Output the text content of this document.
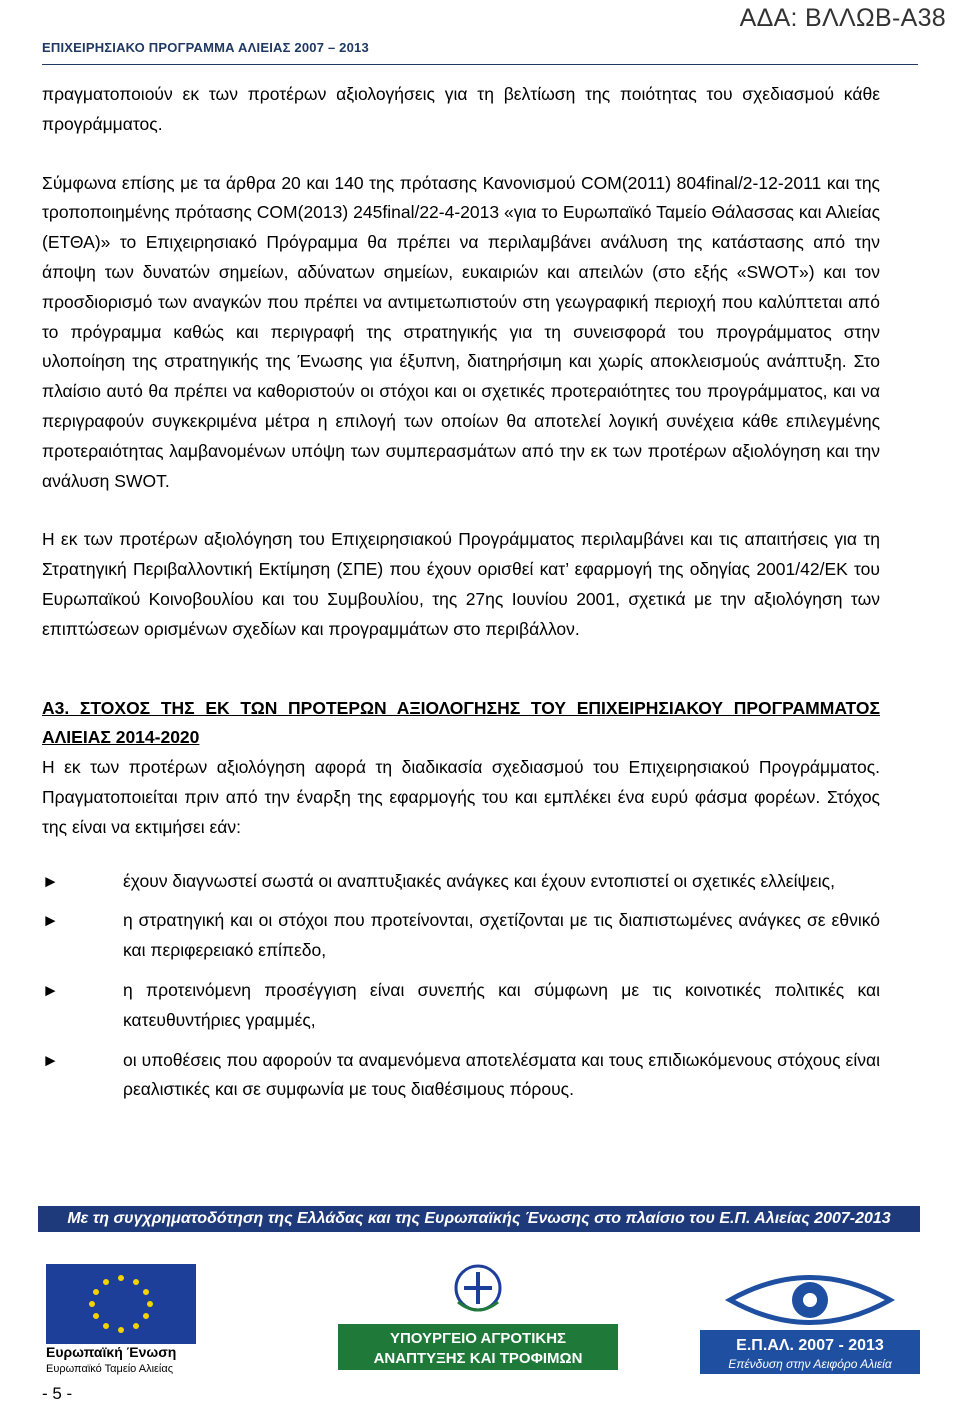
ΑΔΑ: ΒΛΛΩΒ-Α38
ΕΠΙΧΕΙΡΗΣΙΑΚΟ ΠΡΟΓΡΑΜΜΑ ΑΛΙΕΙΑΣ 2007 – 2013

πραγματοποιούν εκ των προτέρων αξιολογήσεις για τη βελτίωση της ποιότητας του σχεδιασμού κάθε προγράμματος.

Σύμφωνα επίσης με τα άρθρα 20 και 140 της πρότασης Κανονισμού COM(2011) 804final/2-12-2011 και της τροποποιημένης πρότασης COM(2013) 245final/22-4-2013 «για το Ευρωπαϊκό Ταμείο Θάλασσας και Αλιείας (ΕΤΘΑ)» το Επιχειρησιακό Πρόγραμμα θα πρέπει να περιλαμβάνει ανάλυση της κατάστασης από την άποψη των δυνατών σημείων, αδύνατων σημείων, ευκαιριών και απειλών (στο εξής «SWOT») και τον προσδιορισμό των αναγκών που πρέπει να αντιμετωπιστούν στη γεωγραφική περιοχή που καλύπτεται από το πρόγραμμα καθώς και περιγραφή της στρατηγικής για τη συνεισφορά του προγράμματος στην υλοποίηση της στρατηγικής της Ένωσης για έξυπνη, διατηρήσιμη και χωρίς αποκλεισμούς ανάπτυξη. Στο πλαίσιο αυτό θα πρέπει να καθοριστούν οι στόχοι και οι σχετικές προτεραιότητες του προγράμματος, και να περιγραφούν συγκεκριμένα μέτρα η επιλογή των οποίων θα αποτελεί λογική συνέχεια κάθε επιλεγμένης προτεραιότητας λαμβανομένων υπόψη των συμπερασμάτων από την εκ των προτέρων αξιολόγηση και την ανάλυση SWOT.

Η εκ των προτέρων αξιολόγηση του Επιχειρησιακού Προγράμματος περιλαμβάνει και τις απαιτήσεις για τη Στρατηγική Περιβαλλοντική Εκτίμηση (ΣΠΕ) που έχουν ορισθεί κατ’ εφαρμογή της οδηγίας 2001/42/ΕΚ του Ευρωπαϊκού Κοινοβουλίου και του Συμβουλίου, της 27ης Ιουνίου 2001, σχετικά με την αξιολόγηση των επιπτώσεων ορισμένων σχεδίων και προγραμμάτων στο περιβάλλον.

Α3. ΣΤΟΧΟΣ ΤΗΣ ΕΚ ΤΩΝ ΠΡΟΤΕΡΩΝ ΑΞΙΟΛΟΓΗΣΗΣ ΤΟΥ ΕΠΙΧΕΙΡΗΣΙΑΚΟΥ ΠΡΟΓΡΑΜΜΑΤΟΣ ΑΛΙΕΙΑΣ 2014-2020

Η εκ των προτέρων αξιολόγηση αφορά τη διαδικασία σχεδιασμού του Επιχειρησιακού Προγράμματος. Πραγματοποιείται πριν από την έναρξη της εφαρμογής του και εμπλέκει ένα ευρύ φάσμα φορέων. Στόχος της είναι να εκτιμήσει εάν:

►	έχουν διαγνωστεί σωστά οι αναπτυξιακές ανάγκες και έχουν εντοπιστεί οι σχετικές ελλείψεις,
►	η στρατηγική και οι στόχοι που προτείνονται, σχετίζονται με τις διαπιστωμένες ανάγκες σε εθνικό και περιφερειακό επίπεδο,
►	η προτεινόμενη προσέγγιση είναι συνεπής και σύμφωνη με τις κοινοτικές πολιτικές και κατευθυντήριες γραμμές,
►	οι υποθέσεις που αφορούν τα αναμενόμενα αποτελέσματα και τους επιδιωκόμενους στόχους είναι ρεαλιστικές και σε συμφωνία με τους διαθέσιμους πόρους.
Με τη συγχρηματοδότηση της Ελλάδας και της Ευρωπαϊκής Ένωσης στο πλαίσιο του Ε.Π. Αλιείας 2007-2013
Ευρωπαϊκή Ένωση
Ευρωπαϊκό Ταμείο Αλιείας
ΥΠΟΥΡΓΕΙΟ ΑΓΡΟΤΙΚΗΣ
ΑΝΑΠΤΥΞΗΣ ΚΑΙ ΤΡΟΦΙΜΩΝ
Ε.Π.ΑΛ. 2007 - 2013
Επένδυση στην Αειφόρο Αλιεία
- 5 -
